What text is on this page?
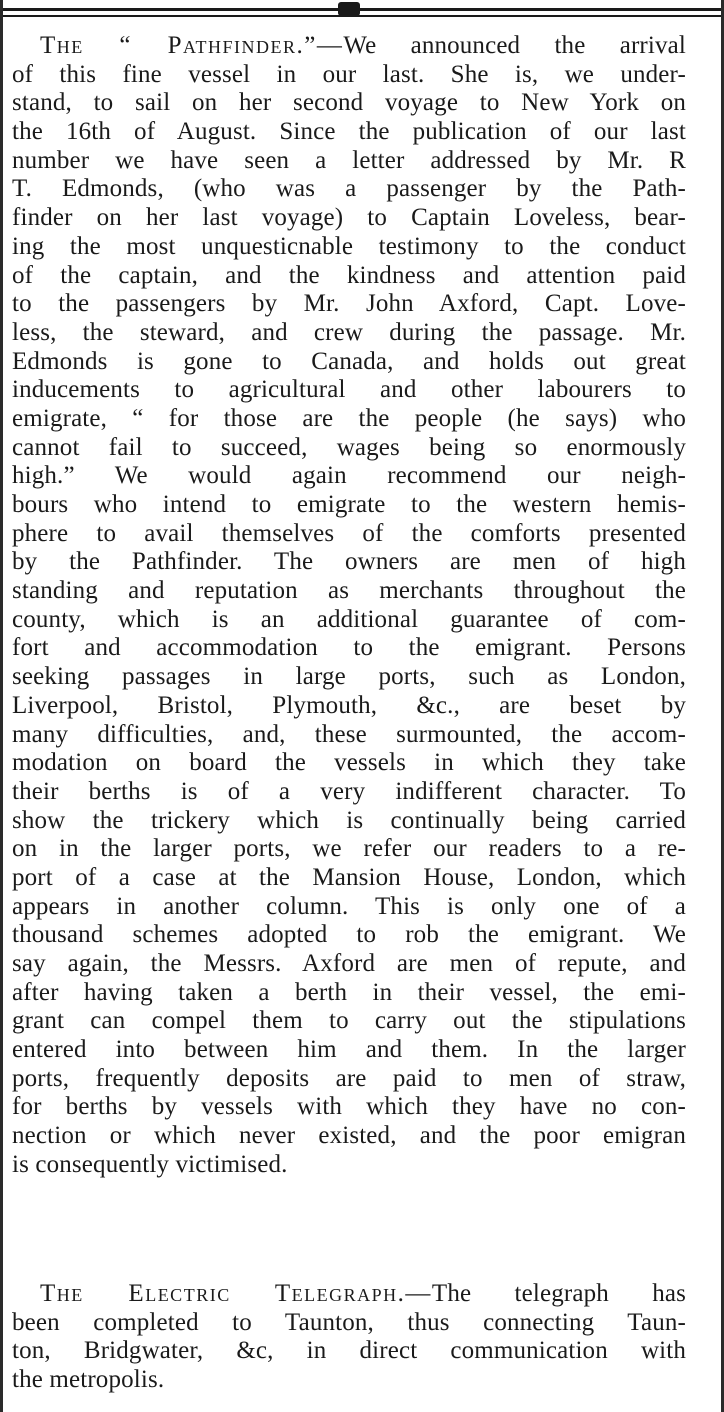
The “ Pathfinder.”—We announced the arrival
of this fine vessel in our last. She is, we under-
stand, to sail on her second voyage to New York on
the 16th of August. Since the publication of our last
number we have seen a letter addressed by Mr. R
T. Edmonds, (who was a passenger by the Path-
finder on her last voyage) to Captain Loveless, bear-
ing the most unquesticnable testimony to the conduct
of the captain, and the kindness and attention paid
to the passengers by Mr. John Axford, Capt. Love-
less, the steward, and crew during the passage. Mr.
Edmonds is gone to Canada, and holds out great
inducements to agricultural and other labourers to
emigrate, “ for those are the people (he says) who
cannot fail to succeed, wages being so enormously
high.” We would again recommend our neigh-
bours who intend to emigrate to the western hemis-
phere to avail themselves of the comforts presented
by the Pathfinder. The owners are men of high
standing and reputation as merchants throughout the
county, which is an additional guarantee of com-
fort and accommodation to the emigrant. Persons
seeking passages in large ports, such as London,
Liverpool, Bristol, Plymouth, &c., are beset by
many difficulties, and, these surmounted, the accom-
modation on board the vessels in which they take
their berths is of a very indifferent character. To
show the trickery which is continually being carried
on in the larger ports, we refer our readers to a re-
port of a case at the Mansion House, London, which
appears in another column. This is only one of a
thousand schemes adopted to rob the emigrant. We
say again, the Messrs. Axford are men of repute, and
after having taken a berth in their vessel, the emi-
grant can compel them to carry out the stipulations
entered into between him and them. In the larger
ports, frequently deposits are paid to men of straw,
for berths by vessels with which they have no con-
nection or which never existed, and the poor emigran
is consequently victimised.
The Electric Telegraph.—The telegraph has
been completed to Taunton, thus connecting Taun-
ton, Bridgwater, &c, in direct communication with
the metropolis.
